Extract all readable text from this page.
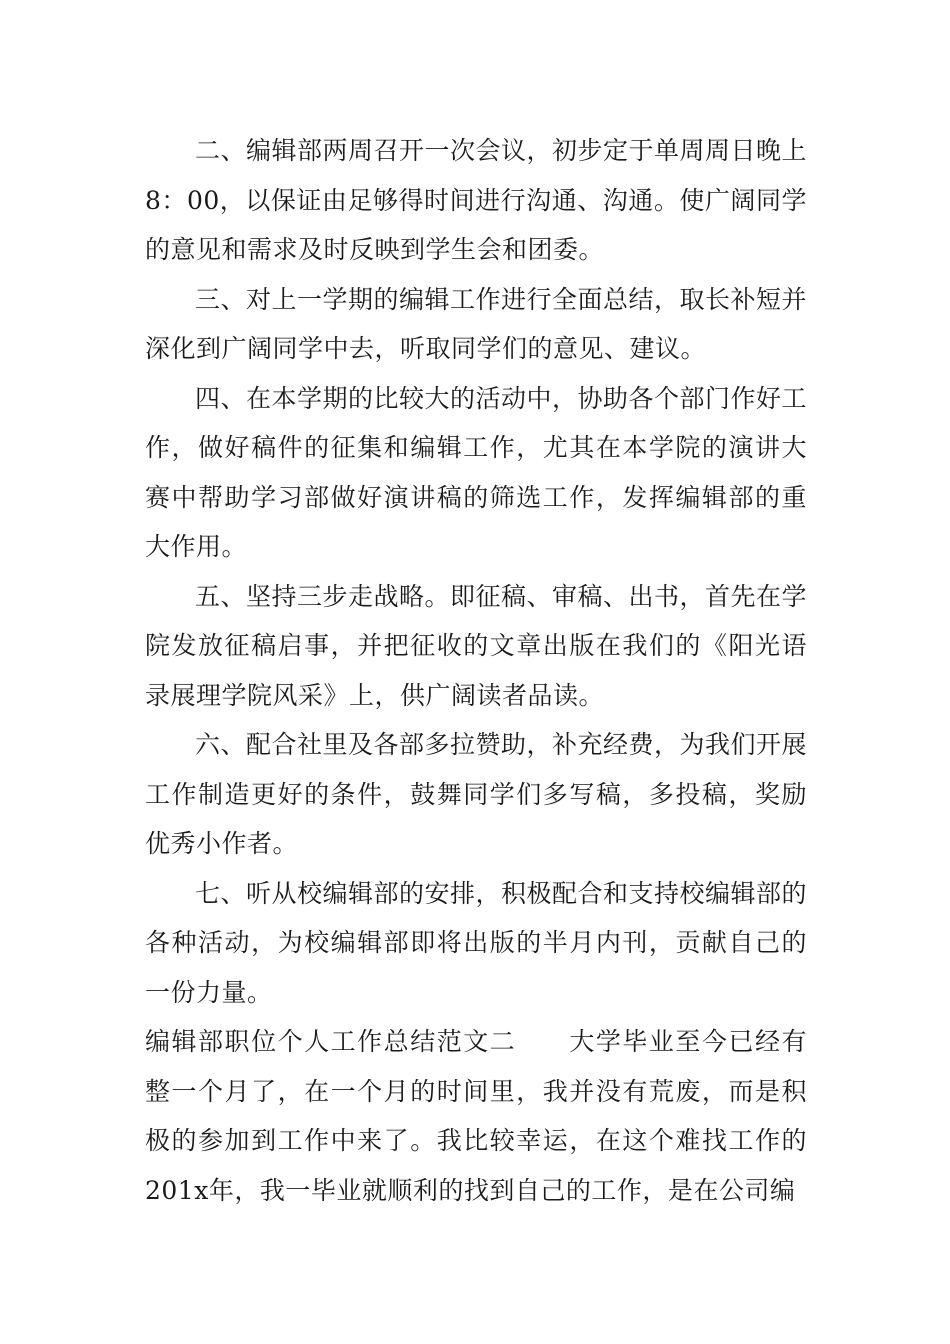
二、编辑部两周召开一次会议，初步定于单周周日晚上8：00，以保证由足够得时间进行沟通、沟通。使广阔同学的意见和需求及时反映到学生会和团委。

三、对上一学期的编辑工作进行全面总结，取长补短并深化到广阔同学中去，听取同学们的意见、建议。

四、在本学期的比较大的活动中，协助各个部门作好工作，做好稿件的征集和编辑工作，尤其在本学院的演讲大赛中帮助学习部做好演讲稿的筛选工作，发挥编辑部的重大作用。

五、坚持三步走战略。即征稿、审稿、出书，首先在学院发放征稿启事，并把征收的文章出版在我们的《阳光语录展理学院风采》上，供广阔读者品读。

六、配合社里及各部多拉赞助，补充经费，为我们开展工作制造更好的条件，鼓舞同学们多写稿，多投稿，奖励优秀小作者。

七、听从校编辑部的安排，积极配合和支持校编辑部的各种活动，为校编辑部即将出版的半月内刊，贡献自己的一份力量。

编辑部职位个人工作总结范文二　　大学毕业至今已经有整一个月了，在一个月的时间里，我并没有荒废，而是积极的参加到工作中来了。我比较幸运，在这个难找工作的201x年，我一毕业就顺利的找到自己的工作，是在公司编
